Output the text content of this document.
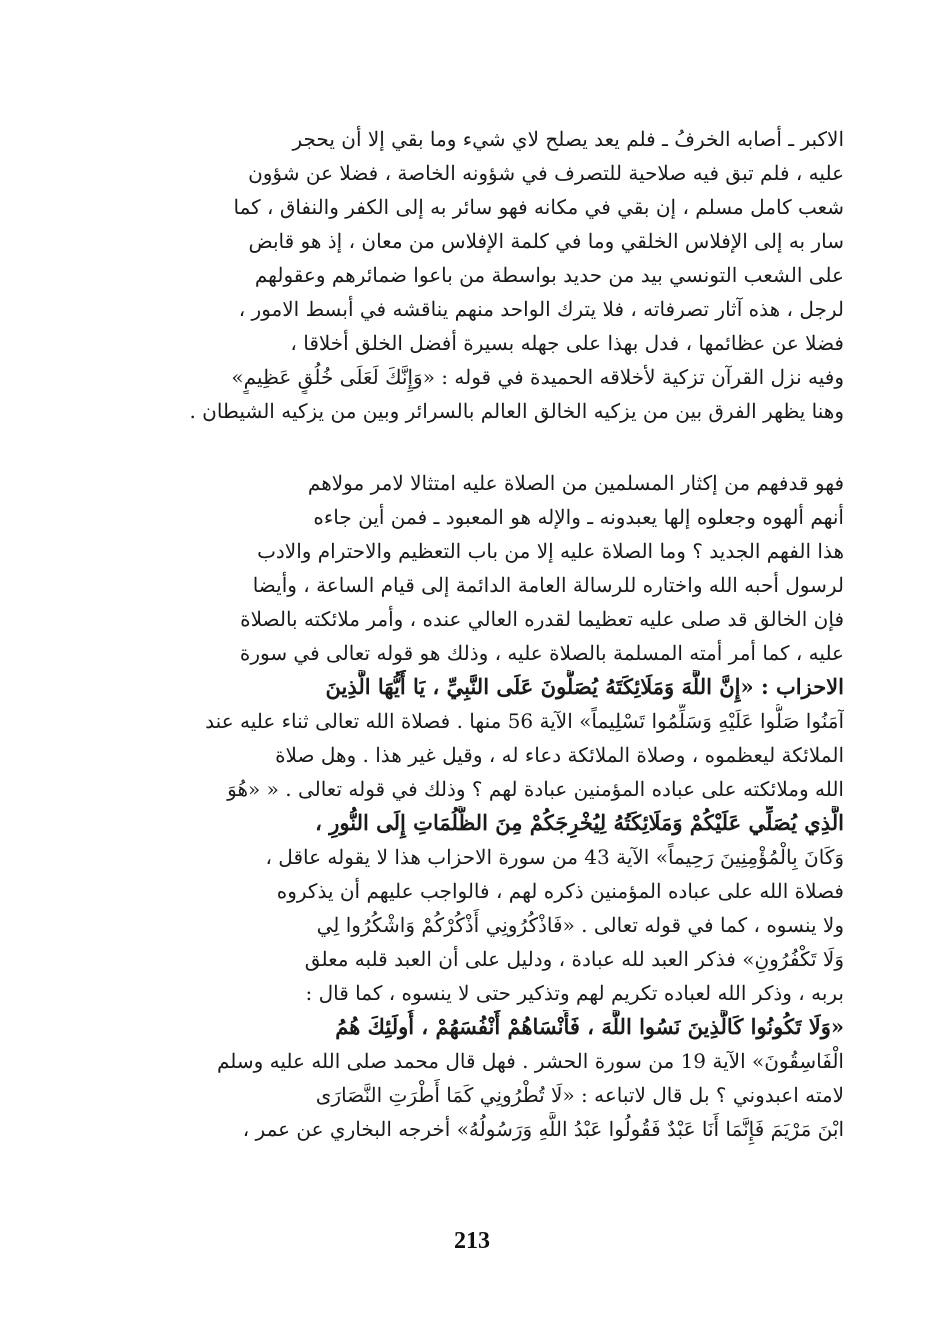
الاكبر ـ أصابه الخرفُ ـ فلم يعد يصلح لاي شيء وما بقي إلا أن يحجر
عليه ، فلم تبق فيه صلاحية للتصرف في شؤونه الخاصة ، فضلا عن شؤون
شعب كامل مسلم ، إن بقي في مكانه فهو سائر به إلى الكفر والنفاق ، كما
سار به إلى الإفلاس الخلقي وما في كلمة الإفلاس من معان ، إذ هو قابض
على الشعب التونسي بيد من حديد بواسطة من باعوا ضمائرهم وعقولهم
لرجل ، هذه آثار تصرفاته ، فلا يترك الواحد منهم يناقشه في أبسط الامور ،
فضلا عن عظائمها ، فدل بهذا على جهله بسيرة أفضل الخلق أخلاقا ،
وفيه نزل القرآن تزكية لأخلاقه الحميدة في قوله : «وَإِنَّكَ لَعَلَى خُلُقٍ عَظِيمٍ»
وهنا يظهر الفرق بين من يزكيه الخالق العالم بالسرائر وبين من يزكيه الشيطان .
فهو قدفهم من إكثار المسلمين من الصلاة عليه امتثالا لامر مولاهم
أنهم ألهوه وجعلوه إلها يعبدونه ـ والإله هو المعبود ـ فمن أين جاءه
هذا الفهم الجديد ؟ وما الصلاة عليه إلا من باب التعظيم والاحترام والادب
لرسول أحبه الله واختاره للرسالة العامة الدائمة إلى قيام الساعة ، وأيضا
فإن الخالق قد صلى عليه تعظيما لقدره العالي عنده ، وأمر ملائكته بالصلاة
عليه ، كما أمر أمته المسلمة بالصلاة عليه ، وذلك هو قوله تعالى في سورة
الاحزاب : «إِنَّ اللَّهَ وَمَلَائِكَتَهُ يُصَلُّونَ عَلَى النَّبِيِّ ، يَا أَيُّهَا الَّذِينَ
آمَنُوا صَلُّوا عَلَيْهِ وَسَلِّمُوا تَسْلِيماً» الآية 56 منها . فصلاة الله تعالى ثناء عليه عند
الملائكة ليعظموه ، وصلاة الملائكة دعاء له ، وقيل غير هذا . وهل صلاة
الله وملائكته على عباده المؤمنين عبادة لهم ؟ وذلك في قوله تعالى . « «هُوَ
الَّذِي يُصَلِّي عَلَيْكُمْ وَمَلَائِكَتُهُ لِيُخْرِجَكُمْ مِنَ الظُّلُمَاتِ إِلَى النُّورِ ،
وَكَانَ بِالْمُؤْمِنِينَ رَحِيماً» الآية 43 من سورة الاحزاب هذا لا يقوله عاقل ،
فصلاة الله على عباده المؤمنين ذكره لهم ، فالواجب عليهم أن يذكروه
ولا ينسوه ، كما في قوله تعالى . «فَاذْكُرُونِي أَذْكُرْكُمْ وَاشْكُرُوا لِي
وَلَا تَكْفُرُونِ» فذكر العبد لله عبادة ، ودليل على أن العبد قلبه معلق
بربه ، وذكر الله لعباده تكريم لهم وتذكير حتى لا ينسوه ، كما قال :
«وَلَا تَكُونُوا كَالَّذِينَ نَسُوا اللَّهَ ، فَأَنْسَاهُمْ أَنْفُسَهُمْ ، أُولَئِكَ هُمُ
الْفَاسِقُونَ» الآية 19 من سورة الحشر . فهل قال محمد صلى الله عليه وسلم
لامته اعبدوني ؟ بل قال لاتباعه : «لَا تُطْرُونِي كَمَا أَطْرَتِ النَّصَارَى
ابْنَ مَرْيَمَ فَإِنَّمَا أَنَا عَبْدٌ فَقُولُوا عَبْدُ اللَّهِ وَرَسُولُهُ» أخرجه البخاري عن عمر ،
213
